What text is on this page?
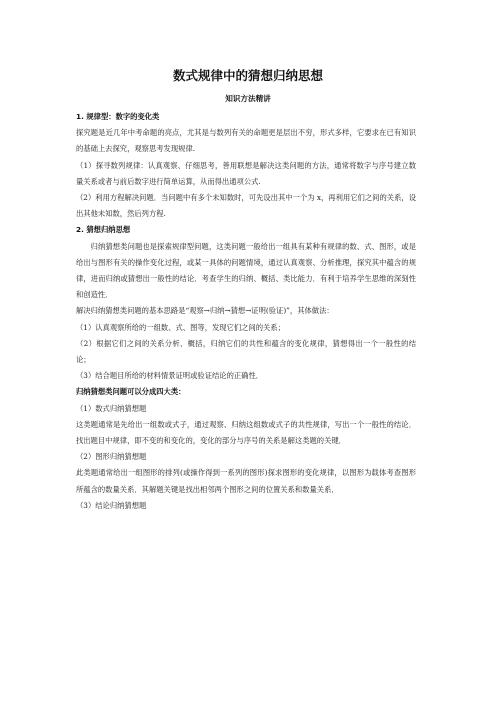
数式规律中的猜想归纳思想
知识方法精讲

1. 规律型：数字的变化类

探究题是近几年中考命题的亮点，尤其是与数列有关的命题更是层出不穷，形式多样，它要求在已有知识的基础上去探究，观察思考发现规律.

（1）探寻数列规律：认真观察、仔细思考，善用联想是解决这类问题的方法，通常将数字与序号建立数量关系或者与前后数字进行简单运算，从而得出通项公式.

（2）利用方程解决问题．当问题中有多个未知数时，可先设出其中一个为 x，再利用它们之间的关系，设出其他未知数，然后列方程.

2. 猜想归纳思想

归纳猜想类问题也是探索规律型问题，这类问题一般给出一组具有某种有规律的数、式、图形，或是给出与图形有关的操作变化过程，或某一具体的问题情境，通过认真观察、分析推理，探究其中蕴含的规律，进而归纳或猜想出一般性的结论．考查学生的归纳、概括、类比能力．有利于培养学生思维的深刻性和创造性．

解决归纳猜想类问题的基本思路是“观察→归纳→猜想→证明(验证)”，其体做法：

（1）认真观察所给的一组数、式、图等，发现它们之间的关系；

（2）根据它们之间的关系分析、概括，归纳它们的共性和蕴含的变化规律，猜想得出一个一般性的结论；

（3）结合题目所给的材料情景证明或验证结论的正确性．

归纳猜想类问题可以分成四大类：

（1）数式归纳猜想题

这类题通常是先给出一组数或式子，通过观察、归纳这组数或式子的共性规律，写出一个一般性的结论．找出题目中规律，即不变的和变化的，变化的部分与序号的关系是解这类题的关键．

（2）图形归纳猜想题

此类题通常给出一组图形的排列(或操作得到一系列的图形)探求图形的变化规律，以图形为载体考查图形所蕴含的数量关系．其解题关键是找出相邻两个图形之间的位置关系和数量关系．

（3）结论归纳猜想题
